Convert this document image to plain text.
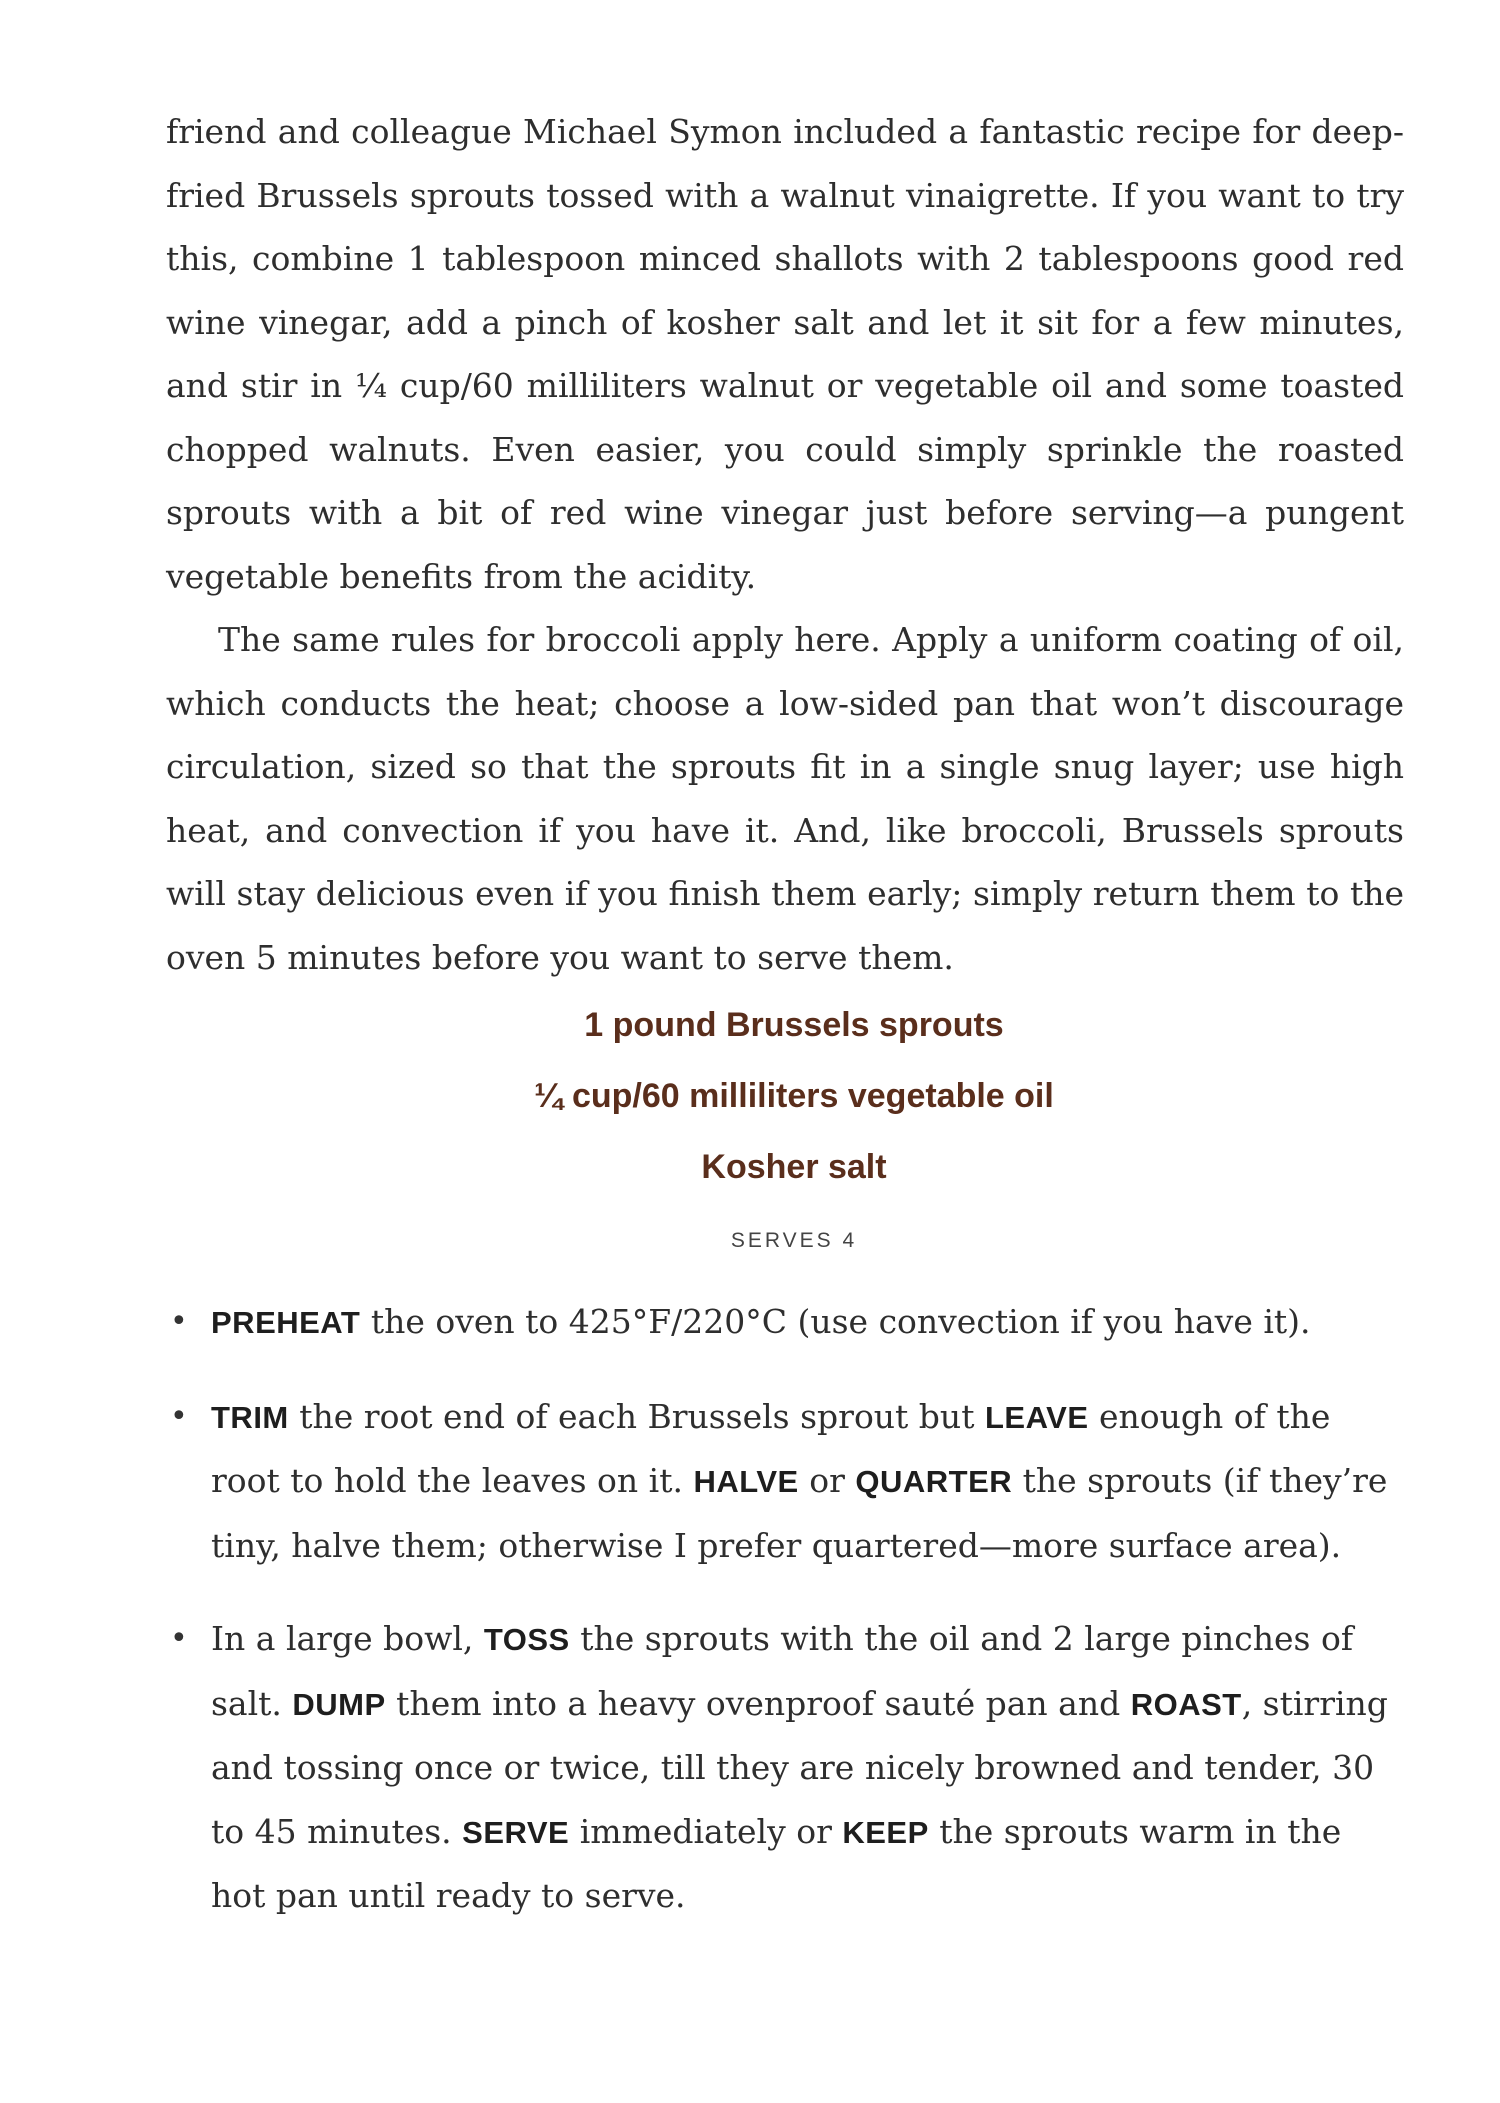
friend and colleague Michael Symon included a fantastic recipe for deep-fried Brussels sprouts tossed with a walnut vinaigrette. If you want to try this, combine 1 tablespoon minced shallots with 2 tablespoons good red wine vinegar, add a pinch of kosher salt and let it sit for a few minutes, and stir in ¼ cup/60 milliliters walnut or vegetable oil and some toasted chopped walnuts. Even easier, you could simply sprinkle the roasted sprouts with a bit of red wine vinegar just before serving—a pungent vegetable benefits from the acidity.

The same rules for broccoli apply here. Apply a uniform coating of oil, which conducts the heat; choose a low-sided pan that won’t discourage circulation, sized so that the sprouts fit in a single snug layer; use high heat, and convection if you have it. And, like broccoli, Brussels sprouts will stay delicious even if you finish them early; simply return them to the oven 5 minutes before you want to serve them.

1 pound Brussels sprouts
¼ cup/60 milliliters vegetable oil
Kosher salt
SERVES 4
• PREHEAT the oven to 425°F/220°C (use convection if you have it).
• TRIM the root end of each Brussels sprout but LEAVE enough of the root to hold the leaves on it. HALVE or QUARTER the sprouts (if they’re tiny, halve them; otherwise I prefer quartered—more surface area).
• In a large bowl, TOSS the sprouts with the oil and 2 large pinches of salt. DUMP them into a heavy ovenproof sauté pan and ROAST, stirring and tossing once or twice, till they are nicely browned and tender, 30 to 45 minutes. SERVE immediately or KEEP the sprouts warm in the hot pan until ready to serve.
